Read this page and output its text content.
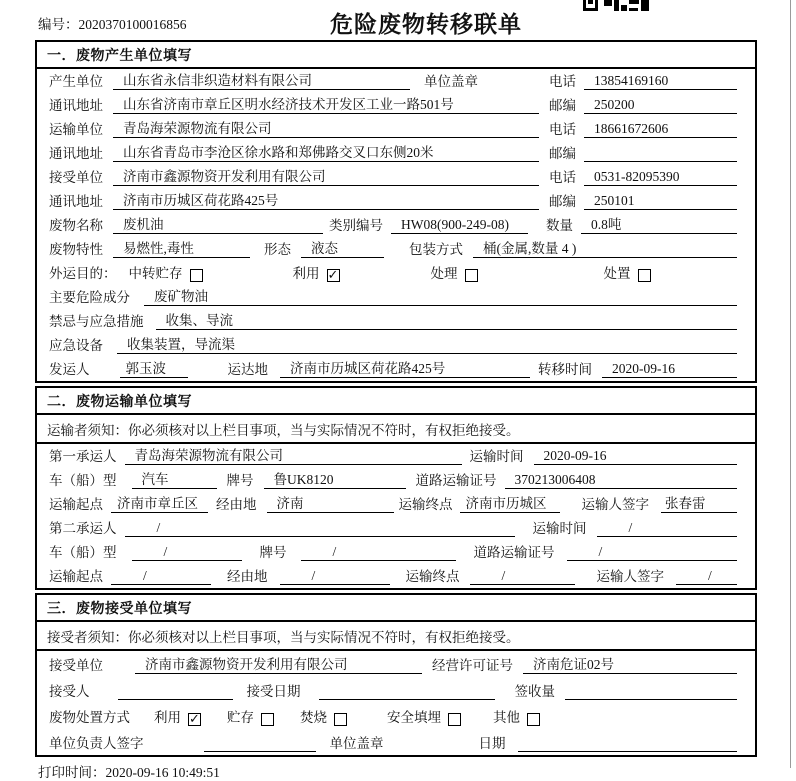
编号：2020370100016856	危险废物转移联单
一．废物产生单位填写
产生单位	山东省永信非织造材料有限公司	单位盖章	电话	13854169160
通讯地址	山东省济南市章丘区明水经济技术开发区工业一路501号	邮编	250200
运输单位	青岛海荣源物流有限公司	电话	18661672606
通讯地址	山东省青岛市李沧区徐水路和郑佛路交叉口东侧20米	邮编
接受单位	济南市鑫源物资开发利用有限公司	电话	0531-82095390
通讯地址	济南市历城区荷花路425号	邮编	250101
废物名称	废机油	类别编号	HW08(900-249-08)	数量	0.8吨
废物特性	易燃性,毒性	形态	液态	包装方式	桶(金属,数量 4 )
外运目的： 中转贮存	利用 ✓	处理	处置
主要危险成分	废矿物油
禁忌与应急措施	收集、导流
应急设备	收集装置，导流渠
发运人	郭玉波	运达地	济南市历城区荷花路425号	转移时间	2020-09-16
二．废物运输单位填写
运输者须知：你必须核对以上栏目事项，当与实际情况不符时，有权拒绝接受。
第一承运人	青岛海荣源物流有限公司	运输时间	2020-09-16
车（船）型	汽车	牌号	鲁UK8120	道路运输证号	370213006408
运输起点	济南市章丘区	经由地	济南	运输终点 济南市历城区	运输人签字 张春雷
第二承运人	/	运输时间	/
车（船）型	/	牌号	/	道路运输证号	/
运输起点	/	经由地	/	运输终点	/	运输人签字	/
三．废物接受单位填写
接受者须知：你必须核对以上栏目事项，当与实际情况不符时，有权拒绝接受。
接受单位	济南市鑫源物资开发利用有限公司	经营许可证号	济南危证02号
接受人	接受日期	签收量
废物处置方式 利用 ✓ 贮存	焚烧	安全填埋	其他
单位负责人签字	单位盖章	日期
打印时间：2020-09-16 10:49:51
